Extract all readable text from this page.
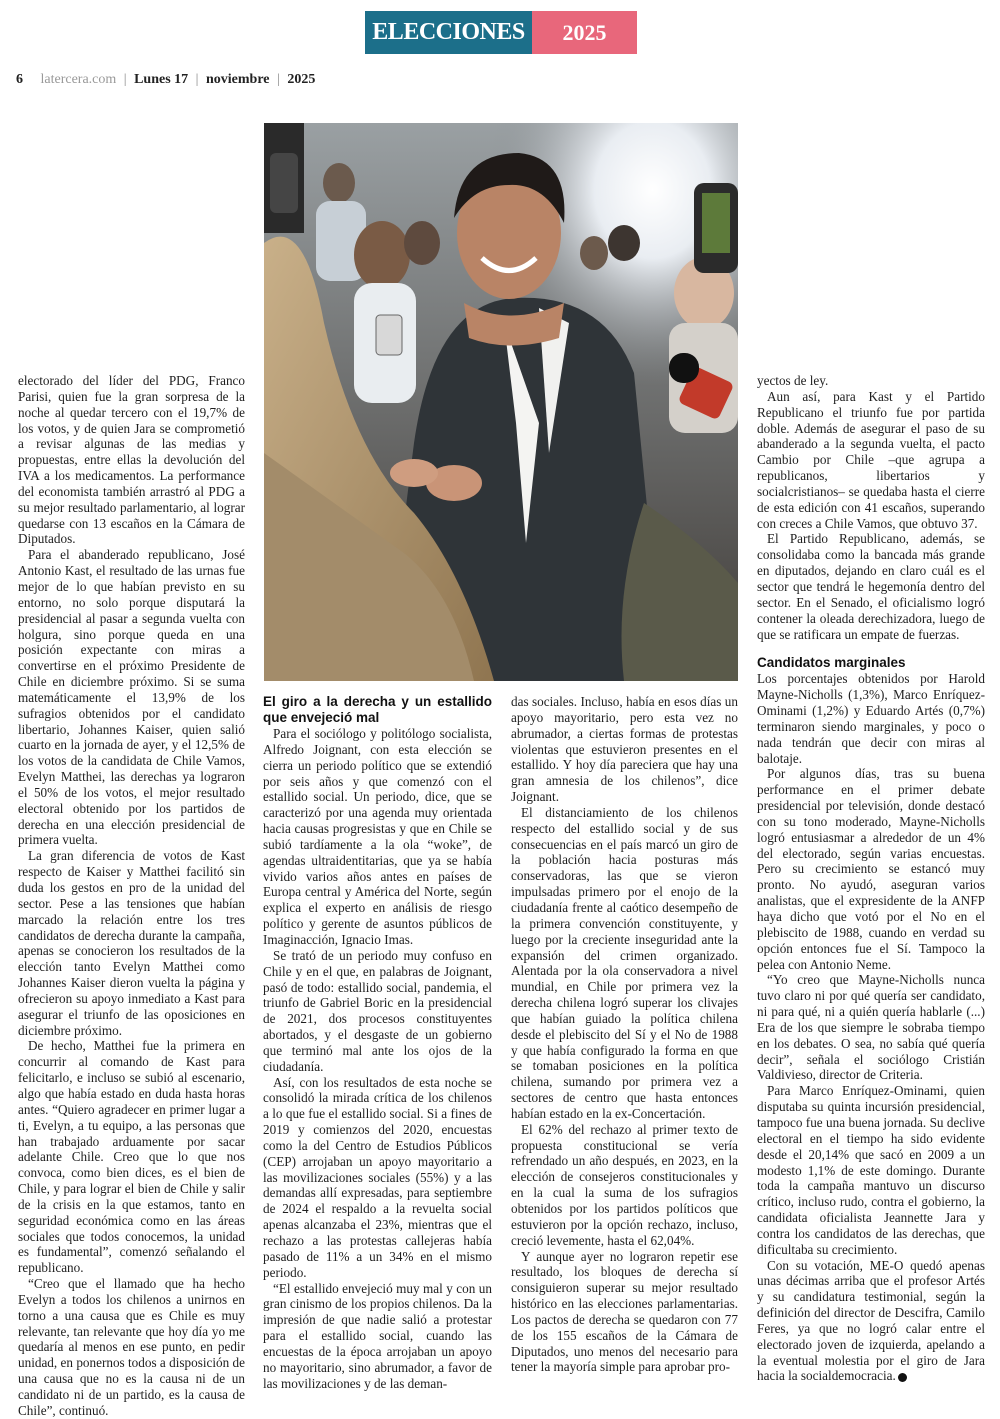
ELECCIONES	2025
6 latercera.com | Lunes 17 | noviembre | 2025

electorado del líder del PDG, Franco Parisi, quien fue la gran sorpresa de la noche al quedar tercero con el 19,7% de los votos, y de quien Jara se comprometió a revisar algunas de las medias y propuestas, entre ellas la devolución del IVA a los medicamentos. La performance del economista también arrastró al PDG a su mejor resultado parlamentario, al lograr quedarse con 13 escaños en la Cámara de Diputados.

Para el abanderado republicano, José Antonio Kast, el resultado de las urnas fue mejor de lo que habían previsto en su entorno, no solo porque disputará la presidencial al pasar a segunda vuelta con holgura, sino porque queda en una posición expectante con miras a convertirse en el próximo Presidente de Chile en diciembre próximo. Si se suma matemáticamente el 13,9% de los sufragios obtenidos por el candidato libertario, Johannes Kaiser, quien salió cuarto en la jornada de ayer, y el 12,5% de los votos de la candidata de Chile Vamos, Evelyn Matthei, las derechas ya lograron el 50% de los votos, el mejor resultado electoral obtenido por los partidos de derecha en una elección presidencial de primera vuelta.

La gran diferencia de votos de Kast respecto de Kaiser y Matthei facilitó sin duda los gestos en pro de la unidad del sector. Pese a las tensiones que habían marcado la relación entre los tres candidatos de derecha durante la campaña, apenas se conocieron los resultados de la elección tanto Evelyn Matthei como Johannes Kaiser dieron vuelta la página y ofrecieron su apoyo inmediato a Kast para asegurar el triunfo de las oposiciones en diciembre próximo.

De hecho, Matthei fue la primera en concurrir al comando de Kast para felicitarlo, e incluso se subió al escenario, algo que había estado en duda hasta horas antes. “Quiero agradecer en primer lugar a ti, Evelyn, a tu equipo, a las personas que han trabajado arduamente por sacar adelante Chile. Creo que lo que nos convoca, como bien dices, es el bien de Chile, y para lograr el bien de Chile y salir de la crisis en la que estamos, tanto en seguridad económica como en las áreas sociales que todos conocemos, la unidad es fundamental”, comenzó señalando el republicano.

“Creo que el llamado que ha hecho Evelyn a todos los chilenos a unirnos en torno a una causa que es Chile es muy relevante, tan relevante que hoy día yo me quedaría al menos en ese punto, en pedir unidad, en ponernos todos a disposición de una causa que no es la causa ni de un candidato ni de un partido, es la causa de Chile”, continuó.

El giro a la derecha y un estallido que envejeció mal

Para el sociólogo y politólogo socialista, Alfredo Joignant, con esta elección se cierra un periodo político que se extendió por seis años y que comenzó con el estallido social. Un periodo, dice, que se caracterizó por una agenda muy orientada hacia causas progresistas y que en Chile se subió tardíamente a la ola “woke”, de agendas ultraidentitarias, que ya se había vivido varios años antes en países de Europa central y América del Norte, según explica el experto en análisis de riesgo político y gerente de asuntos públicos de Imaginacción, Ignacio Imas.

Se trató de un periodo muy confuso en Chile y en el que, en palabras de Joignant, pasó de todo: estallido social, pandemia, el triunfo de Gabriel Boric en la presidencial de 2021, dos procesos constituyentes abortados, y el desgaste de un gobierno que terminó mal ante los ojos de la ciudadanía.

Así, con los resultados de esta noche se consolidó la mirada crítica de los chilenos a lo que fue el estallido social. Si a fines de 2019 y comienzos del 2020, encuestas como la del Centro de Estudios Públicos (CEP) arrojaban un apoyo mayoritario a las movilizaciones sociales (55%) y a las demandas allí expresadas, para septiembre de 2024 el respaldo a la revuelta social apenas alcanzaba el 23%, mientras que el rechazo a las protestas callejeras había pasado de 11% a un 34% en el mismo periodo.

“El estallido envejeció muy mal y con un gran cinismo de los propios chilenos. Da la impresión de que nadie salió a protestar para el estallido social, cuando las encuestas de la época arrojaban un apoyo no mayoritario, sino abrumador, a favor de las movilizaciones y de las deman-

das sociales. Incluso, había en esos días un apoyo mayoritario, pero esta vez no abrumador, a ciertas formas de protestas violentas que estuvieron presentes en el estallido. Y hoy día pareciera que hay una gran amnesia de los chilenos”, dice Joignant.

El distanciamiento de los chilenos respecto del estallido social y de sus consecuencias en el país marcó un giro de la población hacia posturas más conservadoras, las que se vieron impulsadas primero por el enojo de la ciudadanía frente al caótico desempeño de la primera convención constituyente, y luego por la creciente inseguridad ante la expansión del crimen organizado. Alentada por la ola conservadora a nivel mundial, en Chile por primera vez la derecha chilena logró superar los clivajes que habían guiado la política chilena desde el plebiscito del Sí y el No de 1988 y que había configurado la forma en que se tomaban posiciones en la política chilena, sumando por primera vez a sectores de centro que hasta entonces habían estado en la ex-Concertación.

El 62% del rechazo al primer texto de propuesta constitucional se vería refrendado un año después, en 2023, en la elección de consejeros constitucionales y en la cual la suma de los sufragios obtenidos por los partidos políticos que estuvieron por la opción rechazo, incluso, creció levemente, hasta el 62,04%.

Y aunque ayer no lograron repetir ese resultado, los bloques de derecha sí consiguieron superar su mejor resultado histórico en las elecciones parlamentarias. Los pactos de derecha se quedaron con 77 de los 155 escaños de la Cámara de Diputados, uno menos del necesario para tener la mayoría simple para aprobar pro-

yectos de ley.

Aun así, para Kast y el Partido Republicano el triunfo fue por partida doble. Además de asegurar el paso de su abanderado a la segunda vuelta, el pacto Cambio por Chile –que agrupa a republicanos, libertarios y socialcristianos– se quedaba hasta el cierre de esta edición con 41 escaños, superando con creces a Chile Vamos, que obtuvo 37.

El Partido Republicano, además, se consolidaba como la bancada más grande en diputados, dejando en claro cuál es el sector que tendrá le hegemonía dentro del sector. En el Senado, el oficialismo logró contener la oleada derechizadora, luego de que se ratificara un empate de fuerzas.

Candidatos marginales

Los porcentajes obtenidos por Harold Mayne-Nicholls (1,3%), Marco Enríquez-Ominami (1,2%) y Eduardo Artés (0,7%) terminaron siendo marginales, y poco o nada tendrán que decir con miras al balotaje.

Por algunos días, tras su buena performance en el primer debate presidencial por televisión, donde destacó con su tono moderado, Mayne-Nicholls logró entusiasmar a alrededor de un 4% del electorado, según varias encuestas. Pero su crecimiento se estancó muy pronto. No ayudó, aseguran varios analistas, que el expresidente de la ANFP haya dicho que votó por el No en el plebiscito de 1988, cuando en verdad su opción entonces fue el Sí. Tampoco la pelea con Antonio Neme.

“Yo creo que Mayne-Nicholls nunca tuvo claro ni por qué quería ser candidato, ni para qué, ni a quién quería hablarle (...) Era de los que siempre le sobraba tiempo en los debates. O sea, no sabía qué quería decir”, señala el sociólogo Cristián Valdivieso, director de Criteria.

Para Marco Enríquez-Ominami, quien disputaba su quinta incursión presidencial, tampoco fue una buena jornada. Su declive electoral en el tiempo ha sido evidente desde el 20,14% que sacó en 2009 a un modesto 1,1% de este domingo. Durante toda la campaña mantuvo un discurso crítico, incluso rudo, contra el gobierno, la candidata oficialista Jeannette Jara y contra los candidatos de las derechas, que dificultaba su crecimiento.

Con su votación, ME-O quedó apenas unas décimas arriba que el profesor Artés y su candidatura testimonial, según la definición del director de Descifra, Camilo Feres, ya que no logró calar entre el electorado joven de izquierda, apelando a la eventual molestia por el giro de Jara hacia la socialdemocracia.
